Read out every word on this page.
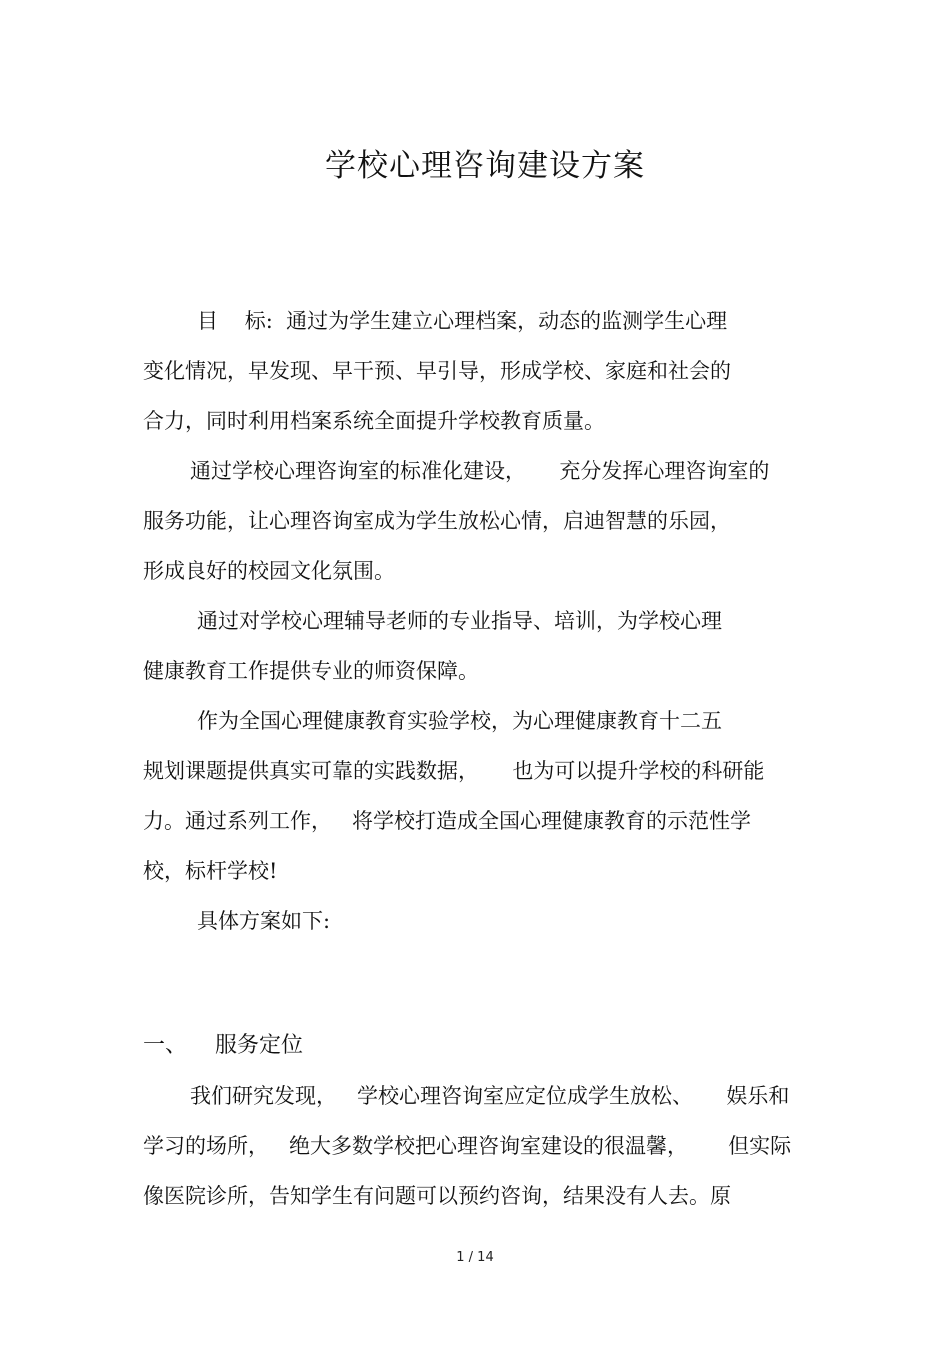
学校心理咨询建设方案
目    标:  通过为学生建立心理档案，动态的监测学生心理
变化情况，早发现、早干预、早引导，形成学校、家庭和社会的
合力，同时利用档案系统全面提升学校教育质量。
通过学校心理咨询室的标准化建设，     充分发挥心理咨询室的
服务功能，让心理咨询室成为学生放松心情，启迪智慧的乐园，
形成良好的校园文化氛围。
通过对学校心理辅导老师的专业指导、培训，为学校心理
健康教育工作提供专业的师资保障。
作为全国心理健康教育实验学校，为心理健康教育十二五
规划课题提供真实可靠的实践数据，     也为可以提升学校的科研能
力。通过系列工作，   将学校打造成全国心理健康教育的示范性学
校，标杆学校!
具体方案如下:
一、    服务定位
我们研究发现，   学校心理咨询室应定位成学生放松、     娱乐和
学习的场所，   绝大多数学校把心理咨询室建设的很温馨，      但实际
像医院诊所，告知学生有问题可以预约咨询，结果没有人去。原
1 / 14
